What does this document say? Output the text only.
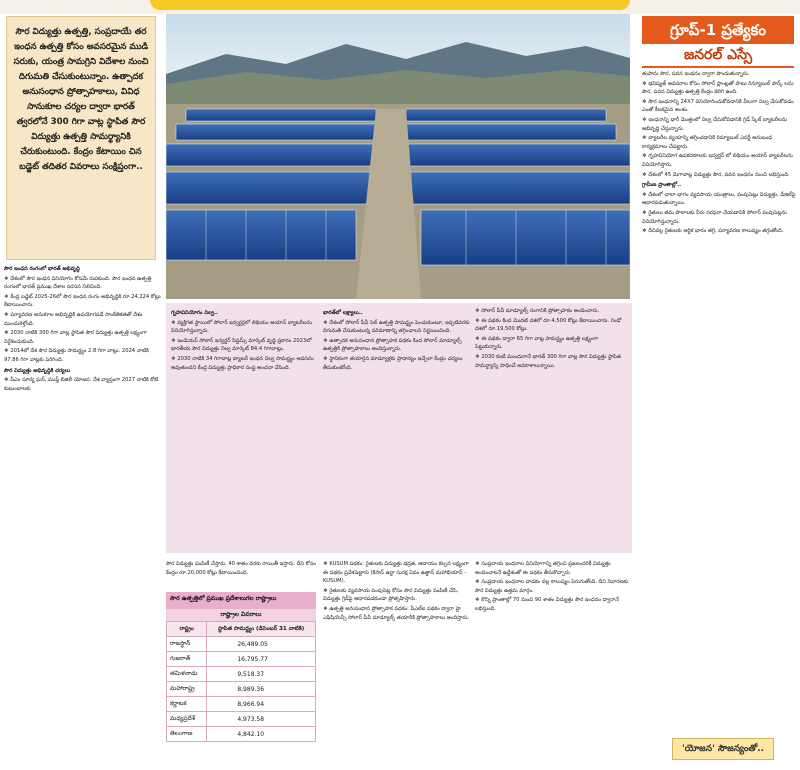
సౌర విద్యుత్తు ఉత్పత్తి, సంప్రదాయే తర ఇంధన ఉత్పత్తి కోసం అవసరమైన ముడి సరుకు, యంత్ర సామగ్రిని విదేశాల నుంచి దిగుమతి చేసుకుంటున్నాం. ఉత్పాదక అనుసంధాన ప్రోత్సాహకాలు, వివిధ సానుకూల చర్యల ద్వారా భారత్ త్వరలోనే 300 గిగా వాట్ల స్థాపిత సౌర విద్యుత్తు ఉత్పత్తి సామర్థ్యానికి చేరుకుంటుంది. కేంద్రం కేటాయిం చిన బడ్జెట్ తదితర వివరాలు సంక్షిప్తంగా..
గ్రూప్-1 ప్రత్యేకం
జనరల్ ఎస్సే

సౌర ఇంధన రంగంలో భారత్ అభివృద్ధి

❖ దేశంలో సౌర ఇంధన వినియోగం కోసమే రుపకుంది. సౌర ఇంధన ఉత్పత్తి రంగంలో భారత్ ప్రముఖ దేశాల సరసన నిలిచింది.

❖ కేంద్ర బడ్జెట్ 2025-26లో సౌర ఇంధన రంగం అభివృద్ధికి రూ.24,224 కోట్లు కేటాయించారు.

❖ పర్యావరణ అనుకూల అభివృద్ధికి ఉపయోగపడే సాంకేతికతతో దేశం ముందుకెళ్తోంది.

❖ 2030 నాటికి 300 గిగా వాట్ల స్థాపిత సౌర విద్యుత్తు ఉత్పత్తి లక్ష్యంగా నిర్దేశించుకుంది.

❖ 2014లో దేశ సౌర విద్యుత్తు సామర్థ్యం 2.8 గిగా వాట్లు. 2024 నాటికి 97.86 గిగా వాట్లకు పెరిగింది.

సౌర విద్యుత్తు అభివృద్ధికి చర్యలు

❖ పీఎం సూర్య ఘర్, ముఫ్త్ బిజిలీ యోజన: దేశ వ్యాప్తంగా 2027 నాటికి కోటి కుటుంబాలకు

గృహవినియోగం నిల్వ..

❖ వ్యక్తిగత స్థాయిలో సోలార్ ఇన్వర్టర్లలో లిథియం అయాన్ బ్యాటరీలను వినియోగిస్తున్నారు.

❖ ఇండియన్ సోలార్ ఇన్వర్టర్ సిస్టమ్స్ మార్కెట్ వృద్ధి ప్రకారం 2023లో భారతీయ సౌర విద్యుత్తు నిల్వ మార్కెట్ 84.4 గిగావాట్లు.

❖ 2030 నాటికి 34 గిగావాట్ల బ్యాటరీ ఇంధన నిల్వ సామర్థ్యం అవసరం అవుతుందని కేంద్ర విద్యుత్తు ప్రాధికార సంస్థ అంచనా వేసింది.

భారత్‌లో లక్ష్యాలు..

❖ దేశంలో సోలార్ పీవీ సెల్ ఉత్పత్తి సామర్థ్యం పెంచుకుంటూ, ఇప్పటివరకు దిగుమతి చేసుకుంటున్న పరిమాణాన్ని తగ్గించాలని నిర్ణయించింది.

❖ ఉత్పాదక అనుసంధాన ప్రోత్సాహక పథకం కింద సోలార్ మాడ్యూల్స్ ఉత్పత్తికి ప్రోత్సాహకాలు అందిస్తున్నారు.

❖ స్థానికంగా తయారైన మాడ్యూళ్లకు ప్రాధాన్యం ఇచ్చేలా కేంద్రం చర్యలు తీసుకుంటోంది.

❖ సోలార్ పీవీ మాడ్యూల్స్ రంగానికి ప్రోత్సాహకం అందించారు.

❖ ఈ పథకం కింద మొదటి దశలో రూ.4,500 కోట్లు కేటాయించారు. రెండో దశలో రూ.19,500 కోట్లు.

❖ ఈ పథకం ద్వారా 65 గిగా వాట్ల సామర్థ్యం ఉత్పత్తి లక్ష్యంగా పెట్టుకున్నారు.

❖ 2030 కంటే ముందుగానే భారత్ 300 గిగా వాట్ల సౌర విద్యుత్తు స్థాపిత సామర్థ్యాన్ని సాధించే అవకాశాలున్నాయి.

సౌర విద్యుత్తు పంపిణీ చేస్తారు. 40 శాతం వరకు రాయితీ ఇస్తారు. దీని కోసం కేంద్రం రూ.20,000 కోట్లు కేటాయించింది.

సౌర ఉత్పత్తిలో ప్రముఖ ప్రదేశాలుగల రాష్ట్రాలు
రాష్ట్రాల వివరాలు
రాష్ట్రం	స్థాపిత సామర్థ్యం (డిసెంబర్ 31 నాటికి)
రాజస్థాన్	26,489.05
గుజరాత్	16,795.77
తమిళనాడు	9,518.37
మహారాష్ట్ర	8,989.36
కర్ణాటక	8,966.94
మధ్యప్రదేశ్	4,973.58
తెలంగాణ	4,842.10

❖ KUSUM పథకం: రైతులకు విద్యుత్తు భద్రత, ఆదాయం కల్పన లక్ష్యంగా ఈ పథకం ప్రవేశపెట్టారు (కిసాన్ ఉర్జా సురక్ష ఏవం ఉత్థాన్ మహాభియాన్ - KUSUM).

❖ రైతులకు వ్యవసాయ పంపుసెట్ల కోసం సౌర విద్యుత్తు పంపిణీ చేసి, విద్యుత్తు గ్రిడ్‌పై ఆధారపడకుండా ప్రోత్సహిస్తారు.

❖ ఉత్పత్తి అనుసంధాన ప్రోత్సాహక పథకం: పీఎల్ఐ పథకం ద్వారా హై ఎఫిషియెన్సీ సోలార్ పీవీ మాడ్యూల్స్ తయారీకి ప్రోత్సాహకాలు అందిస్తారు.

❖ సంప్రదాయ ఇంధనాల వినియోగాన్ని తగ్గించి ప్రజలందరికీ విద్యుత్తు అందించాలనే ఉద్దేశంతో ఈ పథకం తీసుకొచ్చారు.

❖ సంప్రదాయ ఇంధనాల వాడకం వల్ల కాలుష్యం పెరుగుతోంది. దీని నివారణకు సౌర విద్యుత్తు ఉత్తమ మార్గం.

❖ కొన్ని ప్రాంతాల్లో 70 నుంచి 90 శాతం విద్యుత్తు సౌర ఇంధనం ద్వారానే లభిస్తుంది.

తుపాను సౌర, పవన ఇంధనం ద్వారా పొందుతున్నారు.

❖ భవిష్యత్ అవసరాల కోసం సోలార్ ప్లాంట్లతో పాటు రిన్యూబుల్ పార్క్ లను సౌర, పవన విద్యుత్తు ఉత్పత్తి కేంద్రం కలిగి ఉంది.

❖ సౌర ఇంధనాన్ని 24X7 వినియోగించుకోవడానికి వీలుగా నిల్వ చేసుకోవడం ఎంతో కీలకమైన అంశం.

❖ ఇంధనాన్ని భారీ మొత్తంలో నిల్వ చేసుకోవడానికి గ్రిడ్ స్కేల్ బ్యాటరీలను అభివృద్ధి చేస్తున్నారు.

❖ బ్యాటరీల వ్యయాన్ని తగ్గించడానికి రిన్యూబుల్ ఎనర్జీ అనుబంధ కార్యక్రమాలు చేపట్టారు.

❖ గృహవినియోగ ఉపకరణాలకు ఇన్వర్టర్ లో లిథియం అయాన్ బ్యాటరీలను వినియోగిస్తారు.

❖ దేశంలో 45 మెగావాట్ల విద్యుత్తు సౌర, పవన ఇంధనం నుంచి లభిస్తుంది.

గ్రామీణ ప్రాంతాల్లో..

❖ దేశంలో చాలా భాగం వ్యవసాయ యంత్రాలు, పంపుసెట్లు విద్యుత్తు, డీజిల్‌పై ఆధారపడుతున్నాయి.

❖ రైతులు తమ పొలాలకు నీరు సరఫరా చేయడానికి సోలార్ పంపుసెట్లను వినియోగిస్తున్నారు.

❖ దీనివల్ల రైతులకు ఆర్థిక భారం తగ్గి, పర్యావరణ కాలుష్యం తగ్గుతోంది.

'యోజన' సౌజన్యంతో..
